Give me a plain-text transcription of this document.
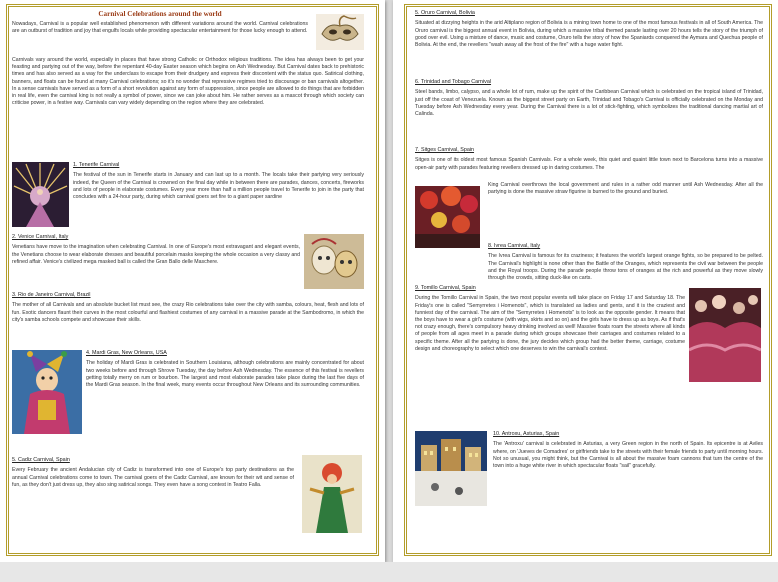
Carnival Celebrations around the world

Nowadays, Carnival is a popular well established phenomenon with different variations around the world. Carnival celebrations are an outburst of tradition and joy that engulfs locals while providing spectacular entertainment for those lucky enough to attend.

Carnivals vary around the world, especially in places that have strong Catholic or Orthodox religious traditions. The idea has always been to get your feasting and partying out of the way, before the repentant 40-day Easter season which begins on Ash Wednesday. But Carnival dates back to prehistoric times and has also served as a way for the underclass to escape from their drudgery and express their discontent with the status quo. Satirical clothing, banners, and floats can be found at many Carnival celebrations; so it's no wonder that repressive regimes tried to discourage or ban carnivals altogether. In a sense carnivals have served as a form of a short revolution against any form of suppression, since people are allowed to do things that are forbidden in real life, even the carnival king is not really a symbol of power, since we can joke about him. He rather serves as a mascot through which society can criticise power, in a festive way. Carnivals can vary widely depending on the region where they are celebrated.

1. Tenerife Carnival

The festival of the sun in Tenerife starts in January and can last up to a month. The locals take their partying very seriously indeed, the Queen of the Carnival is crowned on the final day while in between there are parades, dances, concerts, fireworks and lots of people in elaborate costumes. Every year more than half a million people travel to Tenerife to join in the party that concludes with a 24-hour party, during which carnival goers set fire to a giant paper sardine

2. Venice Carnival, Italy

Venetians have move to the imagination when celebrating Carnival. In one of Europe's most extravagant and elegant events, the Venetians choose to wear elaborate dresses and beautiful porcelain masks keeping the whole occasion a very classy and refined affair. Venice's civilized mega masked ball is called the Gran Ballo delle Maschere.

3. Rio de Janeiro Carnival, Brazil

The mother of all Carnivals and an absolute bucket list must see, the crazy Rio celebrations take over the city with samba, colours, heat, flesh and lots of fun. Exotic dancers flaunt their curves in the most colourful and flashiest costumes of any carnival in a massive parade at the Sambodromo, in which the city's samba schools compete and showcase their skills.

4. Mardi Gras, New Orleans, USA

The holiday of Mardi Gras is celebrated in Southern Louisiana, although celebrations are mainly concentrated for about two weeks before and through Shrove Tuesday, the day before Ash Wednesday. The essence of this festival is revellers getting totally merry on rum or bourbon. The largest and most elaborate parades take place during the last five days of the Mardi Gras season. In the final week, many events occur throughout New Orleans and its surrounding communities.

5. Cadiz Carnival, Spain

Every February the ancient Andalucian city of Cadiz is transformed into one of Europe's top party destinations as the annual Carnival celebrations come to town. The carnival goers of the Cadiz Carnival, are known for their wit and sense of fun, as they don't just dress up, they also sing satirical songs. They even have a song contest in Teatro Falla.

5. Oruro Carnival, Bolivia

Situated at dizzying heights in the arid Altiplano region of Bolivia is a mining town home to one of the most famous festivals in all of South America. The Oruro carnival is the biggest annual event in Bolivia, during which a massive tribal themed parade lasting over 20 hours tells the story of the triumph of good over evil. Using a mixture of dance, music and costume, Oruro tells the story of how the Spaniards conquered the Aymara and Quechua people of Bolivia. At the end, the revellers "wash away all the frost of the fire" with a huge water fight.

6. Trinidad and Tobago Carnival

Steel bands, limbo, calypso, and a whole lot of rum, make up the spirit of the Caribbean Carnival which is celebrated on the tropical island of Trinidad, just off the coast of Venezuela. Known as the biggest street party on Earth, Trinidad and Tobago's Carnival is officially celebrated on the Monday and Tuesday before Ash Wednesday every year. During the Carnival there is a lot of stick-fighting, which symbolizes the traditional dancing martial art of Calinda.

7. Sitges Carnival, Spain

Sitges is one of its oldest most famous Spanish Carnivals. For a whole week, this quiet and quaint little town next to Barcelona turns into a massive open-air party with parades featuring revellers dressed up in daring costumes. The

King Carnival overthrows the local government and rules in a rather odd manner until Ash Wednesday. After all the partying is done the massive straw figurine is burned to the ground and buried.

8. Ivrea Carnival, Italy

The Ivrea Carnival is famous for its craziness; it features the world's largest orange fights, so be prepared to be pelted. The Carnival's highlight is none other than the Battle of the Oranges, which represents the civil war between the people and the Royal troops. During the parade people throw tons of oranges at the rich and powerful as they move slowly through the crowds, sitting duck-like on carts.

9. Tomillo Carnival, Spain

During the Tomillo Carnival in Spain, the two most popular events will take place on Friday 17 and Saturday 18. The Friday's one is called "Semyrretes i Homenots", which is translated as ladies and gents, and it is the craziest and funniest day of the carnival. The aim of the "Semyrretes i Homenots" is to look as the opposite gender. It means that the boys have to wear a girl's costume (with wigs, skirts and so on) and the girls have to dress up as boys. As if that's not crazy enough, there's compulsory heavy drinking involved as well! Massive floats roam the streets where all kinds of people from all ages meet in a parade during which groups showcase their carriages and costumes related to a specific theme. After all the partying is done, the jury decides which group had the better theme, carriage, costume design and choreography to select which one deserves to win the carnival's contest.

10. Antroxu, Asturias, Spain

The 'Antroxu' carnival is celebrated in Asturias, a very Green region in the north of Spain. Its epicentre is at Aviles where, on 'Jueves de Comadres' or girlfriends take to the streets with their female friends to party until morning hours. Not so unusual, you might think, but the Carnival is all about the massive foam cannons that turn the centre of the town into a huge white river in which spectacular floats "sail" gracefully.
